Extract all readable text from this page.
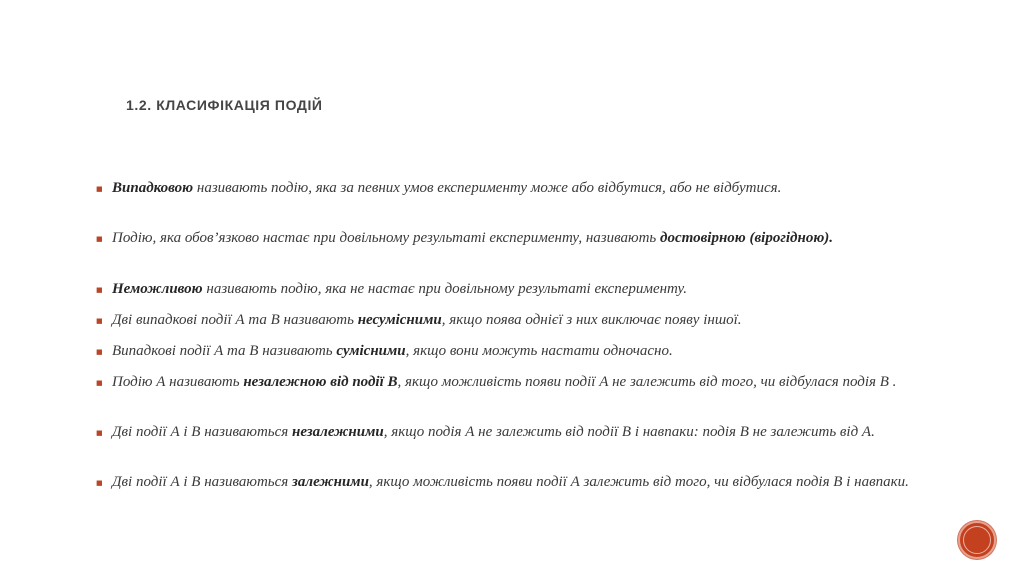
1.2. КЛАСИФІКАЦІЯ ПОДІЙ
■ Випадковою називають подію, яка за певних умов експерименту може або відбутися, або не відбутися.
■ Подію, яка обов’язково настає при довільному результаті експерименту, називають достовірною (вірогідною).
■ Неможливою називають подію, яка не настає при довільному результаті експерименту.
■ Дві випадкові події А та В називають несумісними, якщо поява однієї з них виключає появу іншої.
■ Випадкові події А та В називають сумісними, якщо вони можуть настати одночасно.
■ Подію А називають незалежною від події В, якщо можливість появи події А не залежить від того, чи відбулася подія В .
■ Дві події А і В називаються незалежними, якщо подія А не залежить від події В і навпаки: подія В не залежить від А.
■ Дві події А і В називаються залежними, якщо можливість появи події А залежить від того, чи відбулася подія В і навпаки.
